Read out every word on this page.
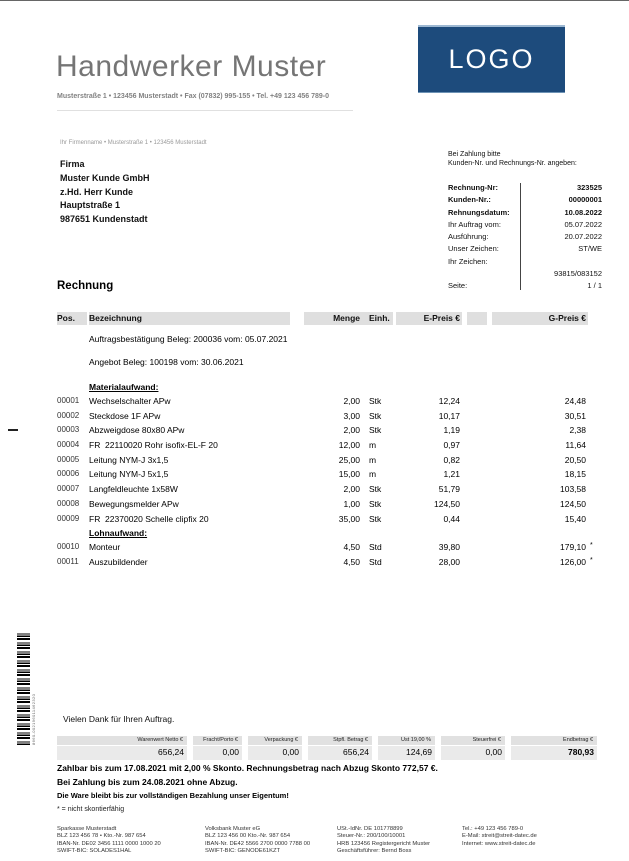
Handwerker Muster
Musterstraße 1 • 123456 Musterstadt • Fax (07832) 995-155 • Tel. +49 123 456 789-0
LOGO
Ihr Firmenname • Musterstraße 1 • 123456 Musterstadt
Firma
Muster Kunde GmbH
z.Hd. Herr Kunde
Hauptstraße 1
987651 Kundenstadt
Bei Zahlung bitte
Kunden-Nr. und Rechnungs-Nr. angeben:
Rechnung-Nr:	323525
Kunden-Nr.:	00000001
Rehnungsdatum:	10.08.2022
Ihr Auftrag vom:	05.07.2022
Ausführung:	20.07.2022
Unser Zeichen:	ST/WE
Ihr Zeichen:
93815/083152
Seite:	1 / 1
Rechnung
Pos.	Bezeichnung	Menge	Einh.	E-Preis €	G-Preis €
Auftragsbestätigung Beleg: 200036 vom: 05.07.2021
Angebot Beleg: 100198 vom: 30.06.2021
Materialaufwand:
00001	Wechselschalter APw	2,00	Stk	12,24	24,48
00002	Steckdose 1F APw	3,00	Stk	10,17	30,51
00003	Abzweigdose 80x80 APw	2,00	Stk	1,19	2,38
00004	FR  22110020 Rohr isofix-EL-F 20	12,00	m	0,97	11,64
00005	Leitung NYM-J 3x1,5	25,00	m	0,82	20,50
00006	Leitung NYM-J 5x1,5	15,00	m	1,21	18,15
00007	Langfeldleuchte 1x58W	2,00	Stk	51,79	103,58
00008	Bewegungsmelder APw	1,00	Stk	124,50	124,50
00009	FR  22370020 Schelle clipfix 20	35,00	Stk	0,44	15,40
Lohnaufwand:
00010	Monteur	4,50	Std	39,80	179,10 *
00011	Auszubildender	4,50	Std	28,00	126,00 *
8660-002196011462320	Vielen Dank für Ihren Auftrag.
Warenwert Netto €
656,24
Fracht/Porto €
0,00
Verpackung €
0,00
Stpfl. Betrag €
656,24
Ust 19,00 %
124,69
Steuerfrei €
0,00
Endbetrag €
780,93
Zahlbar bis zum 17.08.2021 mit 2,00 % Skonto. Rechnungsbetrag nach Abzug Skonto 772,57 €.
Bei Zahlung bis zum 24.08.2021 ohne Abzug.
Die Ware bleibt bis zur vollständigen Bezahlung unser Eigentum!
* = nicht skontierfähig
Sparkasse Musterstadt
BLZ 123 456 78 • Kto.-Nr. 987 654
IBAN-Nr. DE02 3456 1111 0000 1000 20
SWIFT-BIC: SOLADES1HAL
Volksbank Muster eG
BLZ 123 456 00 Kto.-Nr. 987 654
IBAN-Nr. DE42 5566 2700 0000 7788 00
SWIFT-BIC: GENODE61KZT
USt.-IdNr. DE 101778899
Steuer-Nr.: 200/100/10001
HRB 123456 Registergericht Muster
Geschäftsführer: Bernd Boss
Tel.: +49 123 456 789-0
E-Mail: streit@streit-datec.de
Internet: www.streit-datec.de
